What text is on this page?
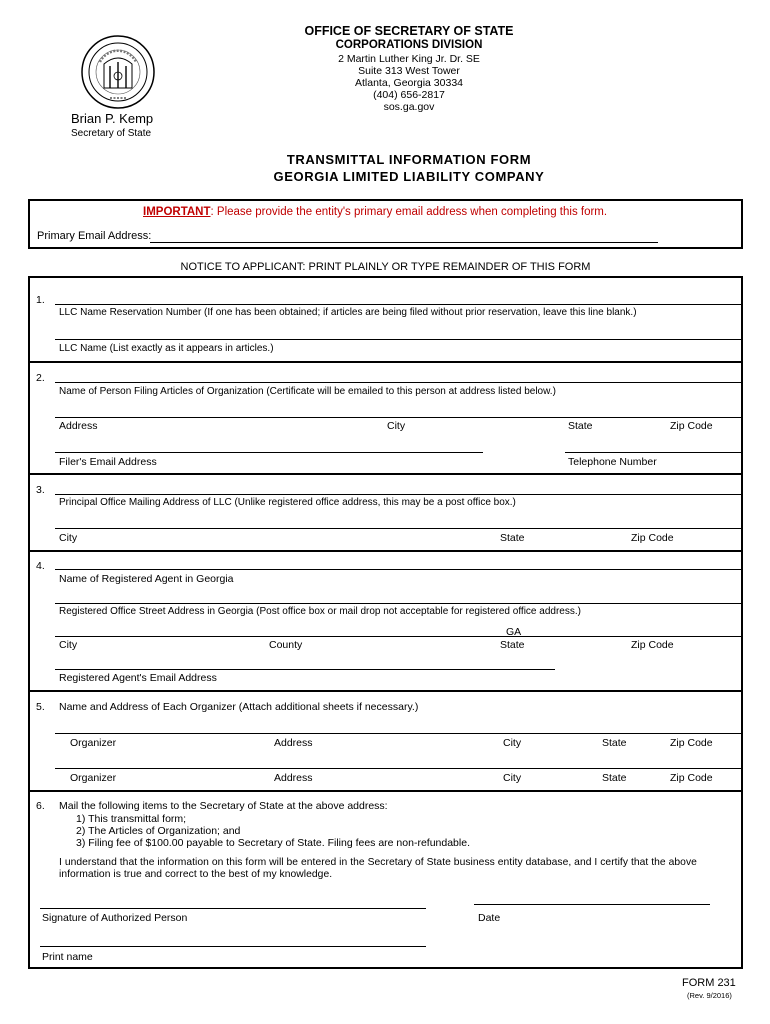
OFFICE OF SECRETARY OF STATE
CORPORATIONS DIVISION
2 Martin Luther King Jr. Dr. SE
Suite 313 West Tower
Atlanta, Georgia 30334
(404) 656-2817
sos.ga.gov
Brian P. Kemp
Secretary of State
TRANSMITTAL INFORMATION FORM
GEORGIA LIMITED LIABILITY COMPANY
IMPORTANT: Please provide the entity's primary email address when completing this form.
Primary Email Address:
NOTICE TO APPLICANT: PRINT PLAINLY OR TYPE REMAINDER OF THIS FORM
1.
LLC Name Reservation Number (If one has been obtained; if articles are being filed without prior reservation, leave this line blank.)
LLC Name (List exactly as it appears in articles.)
2.
Name of Person Filing Articles of Organization (Certificate will be emailed to this person at address listed below.)
Address	City	State	Zip Code
Filer's Email Address	Telephone Number
3.
Principal Office Mailing Address of LLC (Unlike registered office address, this may be a post office box.)
City	State	Zip Code
4.
Name of Registered Agent in Georgia
Registered Office Street Address in Georgia (Post office box or mail drop not acceptable for registered office address.)
GA
City	County	State	Zip Code
Registered Agent's Email Address
5. Name and Address of Each Organizer (Attach additional sheets if necessary.)
Organizer	Address	City	State	Zip Code
Organizer	Address	City	State	Zip Code
6. Mail the following items to the Secretary of State at the above address:
1) This transmittal form;
2) The Articles of Organization; and
3) Filing fee of $100.00 payable to Secretary of State. Filing fees are non-refundable.
I understand that the information on this form will be entered in the Secretary of State business entity database, and I certify that the above
information is true and correct to the best of my knowledge.
Signature of Authorized Person	Date
Print name
FORM 231
(Rev. 9/2016)
